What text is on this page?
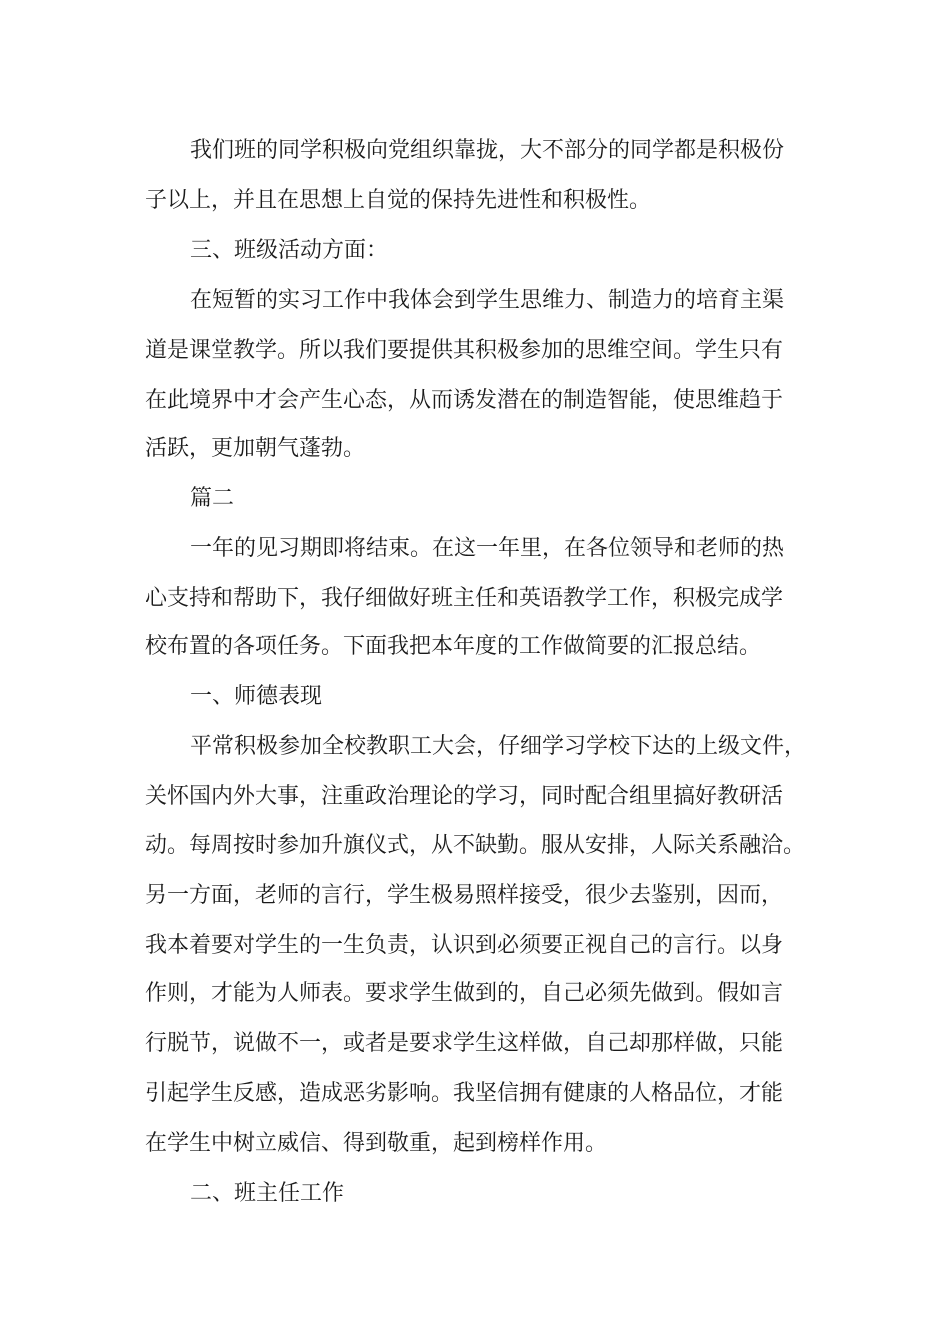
我们班的同学积极向党组织靠拢，大不部分的同学都是积极份
子以上，并且在思想上自觉的保持先进性和积极性。
三、班级活动方面：
在短暂的实习工作中我体会到学生思维力、制造力的培育主渠
道是课堂教学。所以我们要提供其积极参加的思维空间。学生只有
在此境界中才会产生心态，从而诱发潜在的制造智能，使思维趋于
活跃，更加朝气蓬勃。
篇二
一年的见习期即将结束。在这一年里，在各位领导和老师的热
心支持和帮助下，我仔细做好班主任和英语教学工作，积极完成学
校布置的各项任务。下面我把本年度的工作做简要的汇报总结。
一、师德表现
平常积极参加全校教职工大会，仔细学习学校下达的上级文件，
关怀国内外大事，注重政治理论的学习，同时配合组里搞好教研活
动。每周按时参加升旗仪式，从不缺勤。服从安排，人际关系融洽。
另一方面，老师的言行，学生极易照样接受，很少去鉴别，因而，
我本着要对学生的一生负责，认识到必须要正视自己的言行。以身
作则，才能为人师表。要求学生做到的，自己必须先做到。假如言
行脱节，说做不一，或者是要求学生这样做，自己却那样做，只能
引起学生反感，造成恶劣影响。我坚信拥有健康的人格品位，才能
在学生中树立威信、得到敬重，起到榜样作用。
二、班主任工作
